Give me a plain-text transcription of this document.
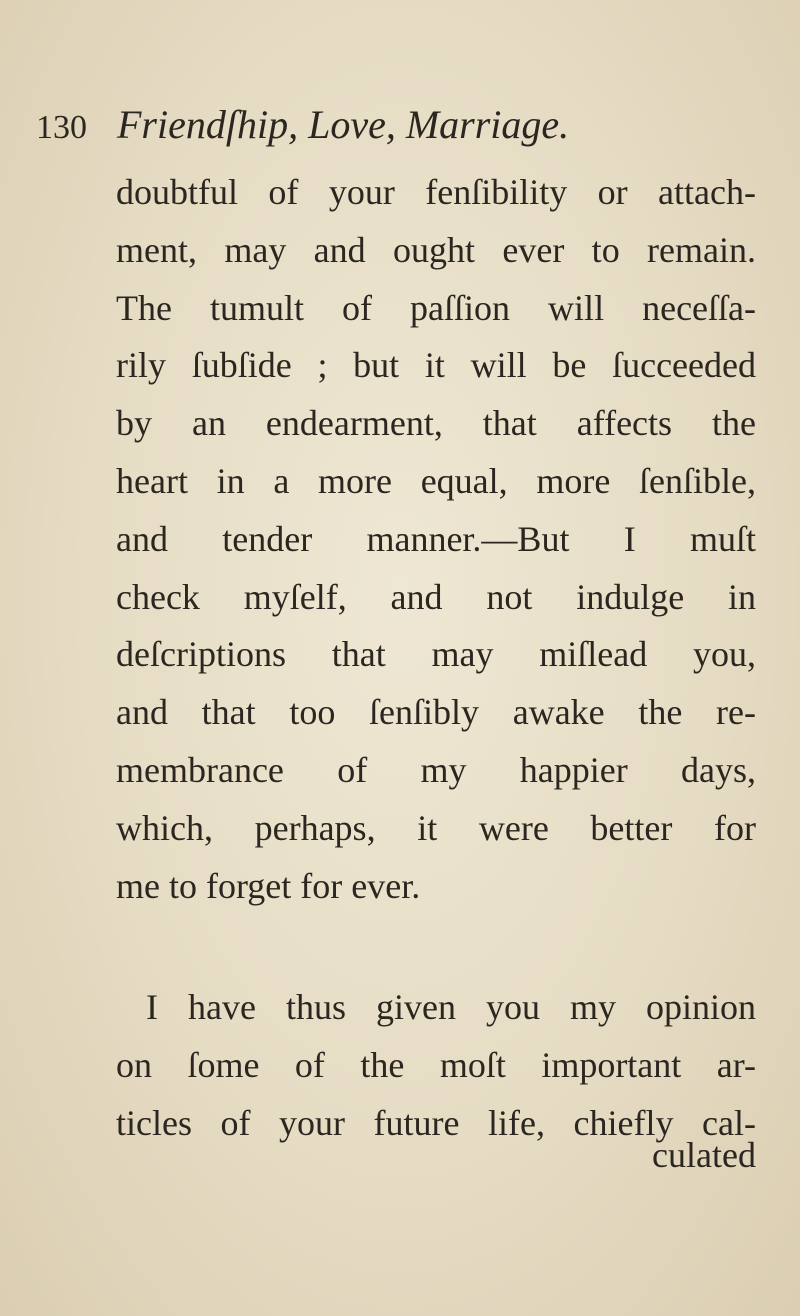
130 Friendſhip, Love, Marriage.
doubtful of your fenſibility or attach-
ment, may and ought ever to remain.
The tumult of paſſion will neceſſa-
rily ſubſide ; but it will be ſucceeded
by an endearment, that affects the
heart in a more equal, more ſenſible,
and tender manner.—But I muſt
check myſelf, and not indulge in
deſcriptions that may miſlead you,
and that too ſenſibly awake the re-
membrance of my happier days,
which, perhaps, it were better for
me to forget for ever.
I have thus given you my opinion
on ſome of the moſt important ar-
ticles of your future life, chiefly cal-
culated
